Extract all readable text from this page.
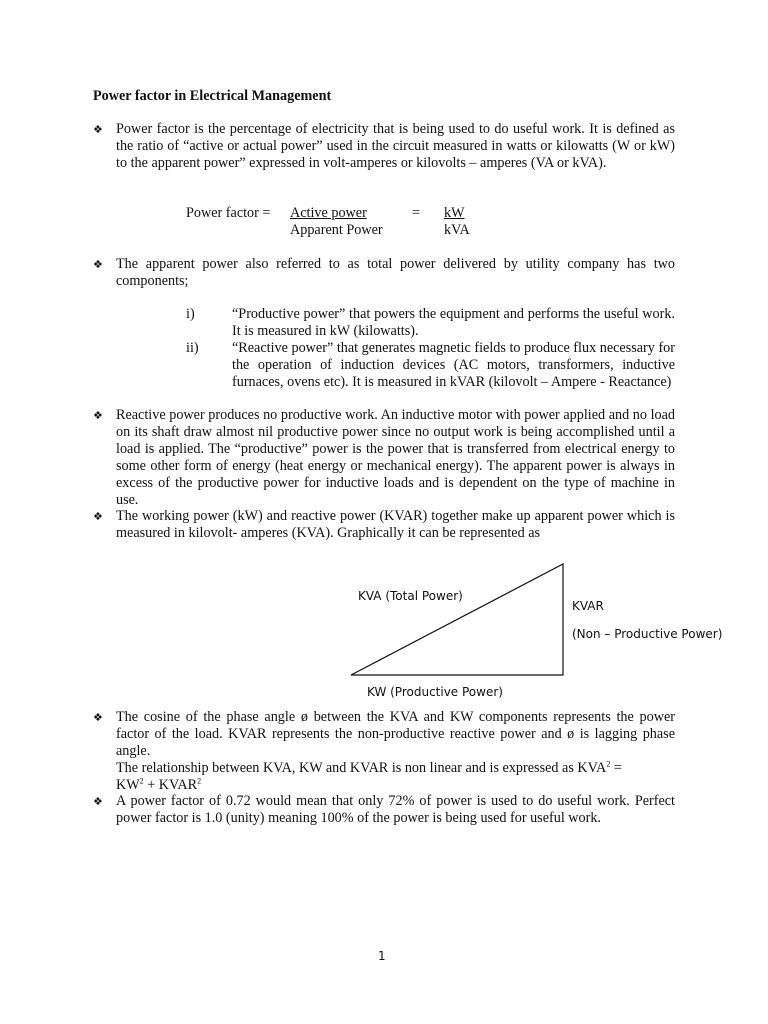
Power factor in Electrical Management
❖ Power factor is the percentage of electricity that is being used to do useful work. It is defined as the ratio of “active or actual power” used in the circuit measured in watts or kilowatts (W or kW) to the apparent power” expressed in volt-amperes or kilovolts – amperes (VA or kVA).
Power factor = Active power
Apparent Power
= kW
kVA
❖ The apparent power also referred to as total power delivered by utility company has two components;
i)	“Productive power” that powers the equipment and performs the useful work. It is measured in kW (kilowatts).
ii) “Reactive power” that generates magnetic fields to produce flux necessary for the operation of induction devices (AC motors, transformers, inductive furnaces, ovens etc). It is measured in kVAR (kilovolt – Ampere - Reactance)
❖ Reactive power produces no productive work. An inductive motor with power applied and no load on its shaft draw almost nil productive power since no output work is being accomplished until a load is applied. The “productive” power is the power that is transferred from electrical energy to some other form of energy (heat energy or mechanical energy). The apparent power is always in excess of the productive power for inductive loads and is dependent on the type of machine in use.
❖ The working power (kW) and reactive power (KVAR) together make up apparent power which is measured in kilovolt- amperes (KVA). Graphically it can be represented as
KVA (Total Power)
KVAR
(Non – Productive Power)
KW (Productive Power)
❖ The cosine of the phase angle ø between the KVA and KW components represents the power factor of the load. KVAR represents the non-productive reactive power and ø is lagging phase angle.
The relationship between KVA, KW and KVAR is non linear and is expressed as $KVA^2$ =
$KW^2$ + $KVAR^2$
❖ A power factor of 0.72 would mean that only 72% of power is used to do useful work. Perfect power factor is 1.0 (unity) meaning 100% of the power is being used for useful work.
1
